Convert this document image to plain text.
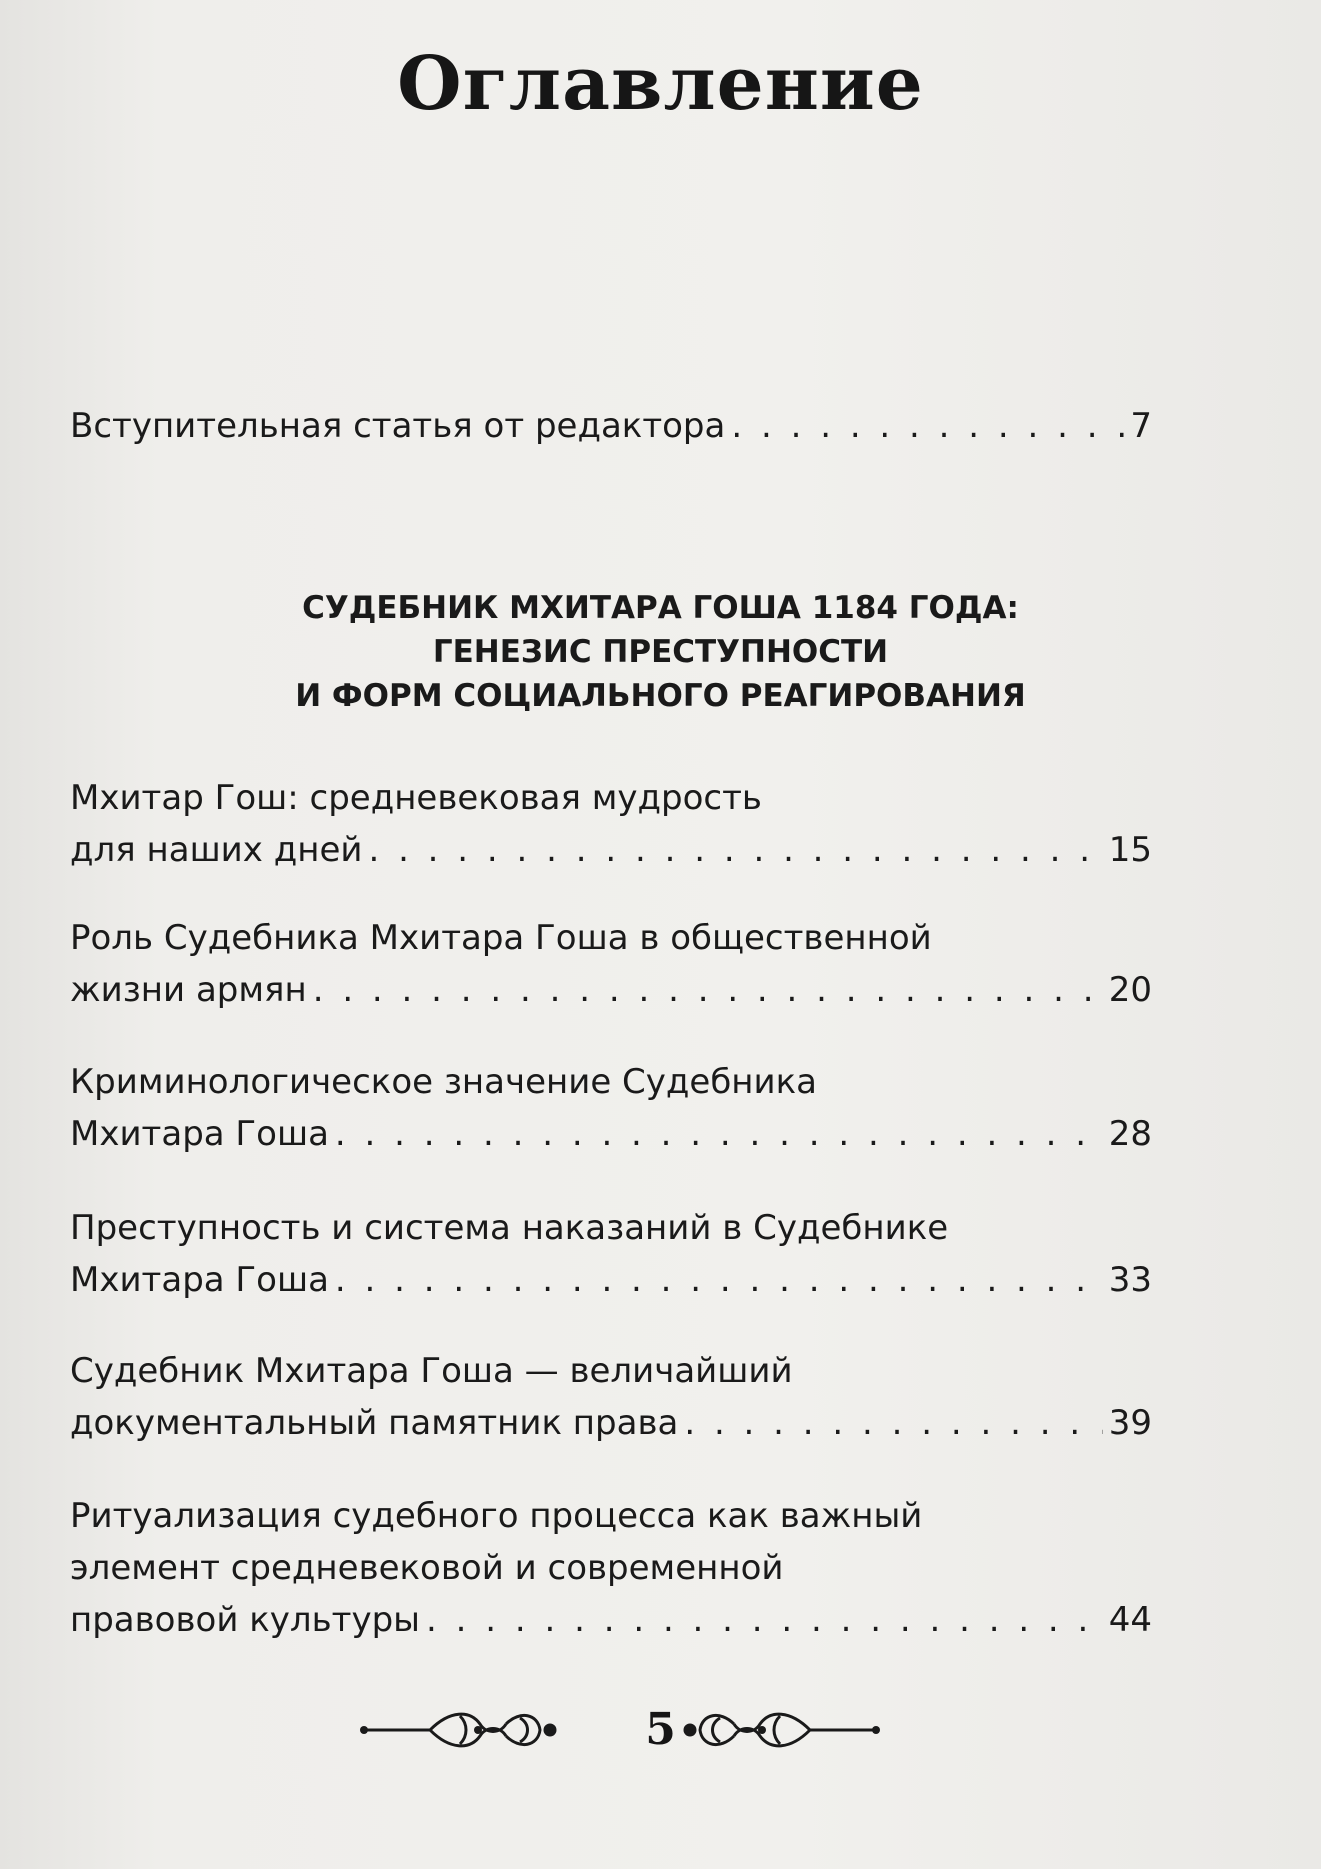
Оглавление
Вступительная статья от редактора . . .	7
СУДЕБНИК МХИТАРА ГОША 1184 ГОДА:
ГЕНЕЗИС ПРЕСТУПНОСТИ
И ФОРМ СОЦИАЛЬНОГО РЕАГИРОВАНИЯ
Мхитар Гош: средневековая мудрость
для наших дней . . .	15
Роль Судебника Мхитара Гоша в общественной
жизни армян . . .	20
Криминологическое значение Судебника
Мхитара Гоша . . .	28
Преступность и система наказаний в Судебнике
Мхитара Гоша . . .	33
Судебник Мхитара Гоша — величайший
документальный памятник права . . .	39
Ритуализация судебного процесса как важный
элемент средневековой и современной
правовой культуры . . .	44
5
